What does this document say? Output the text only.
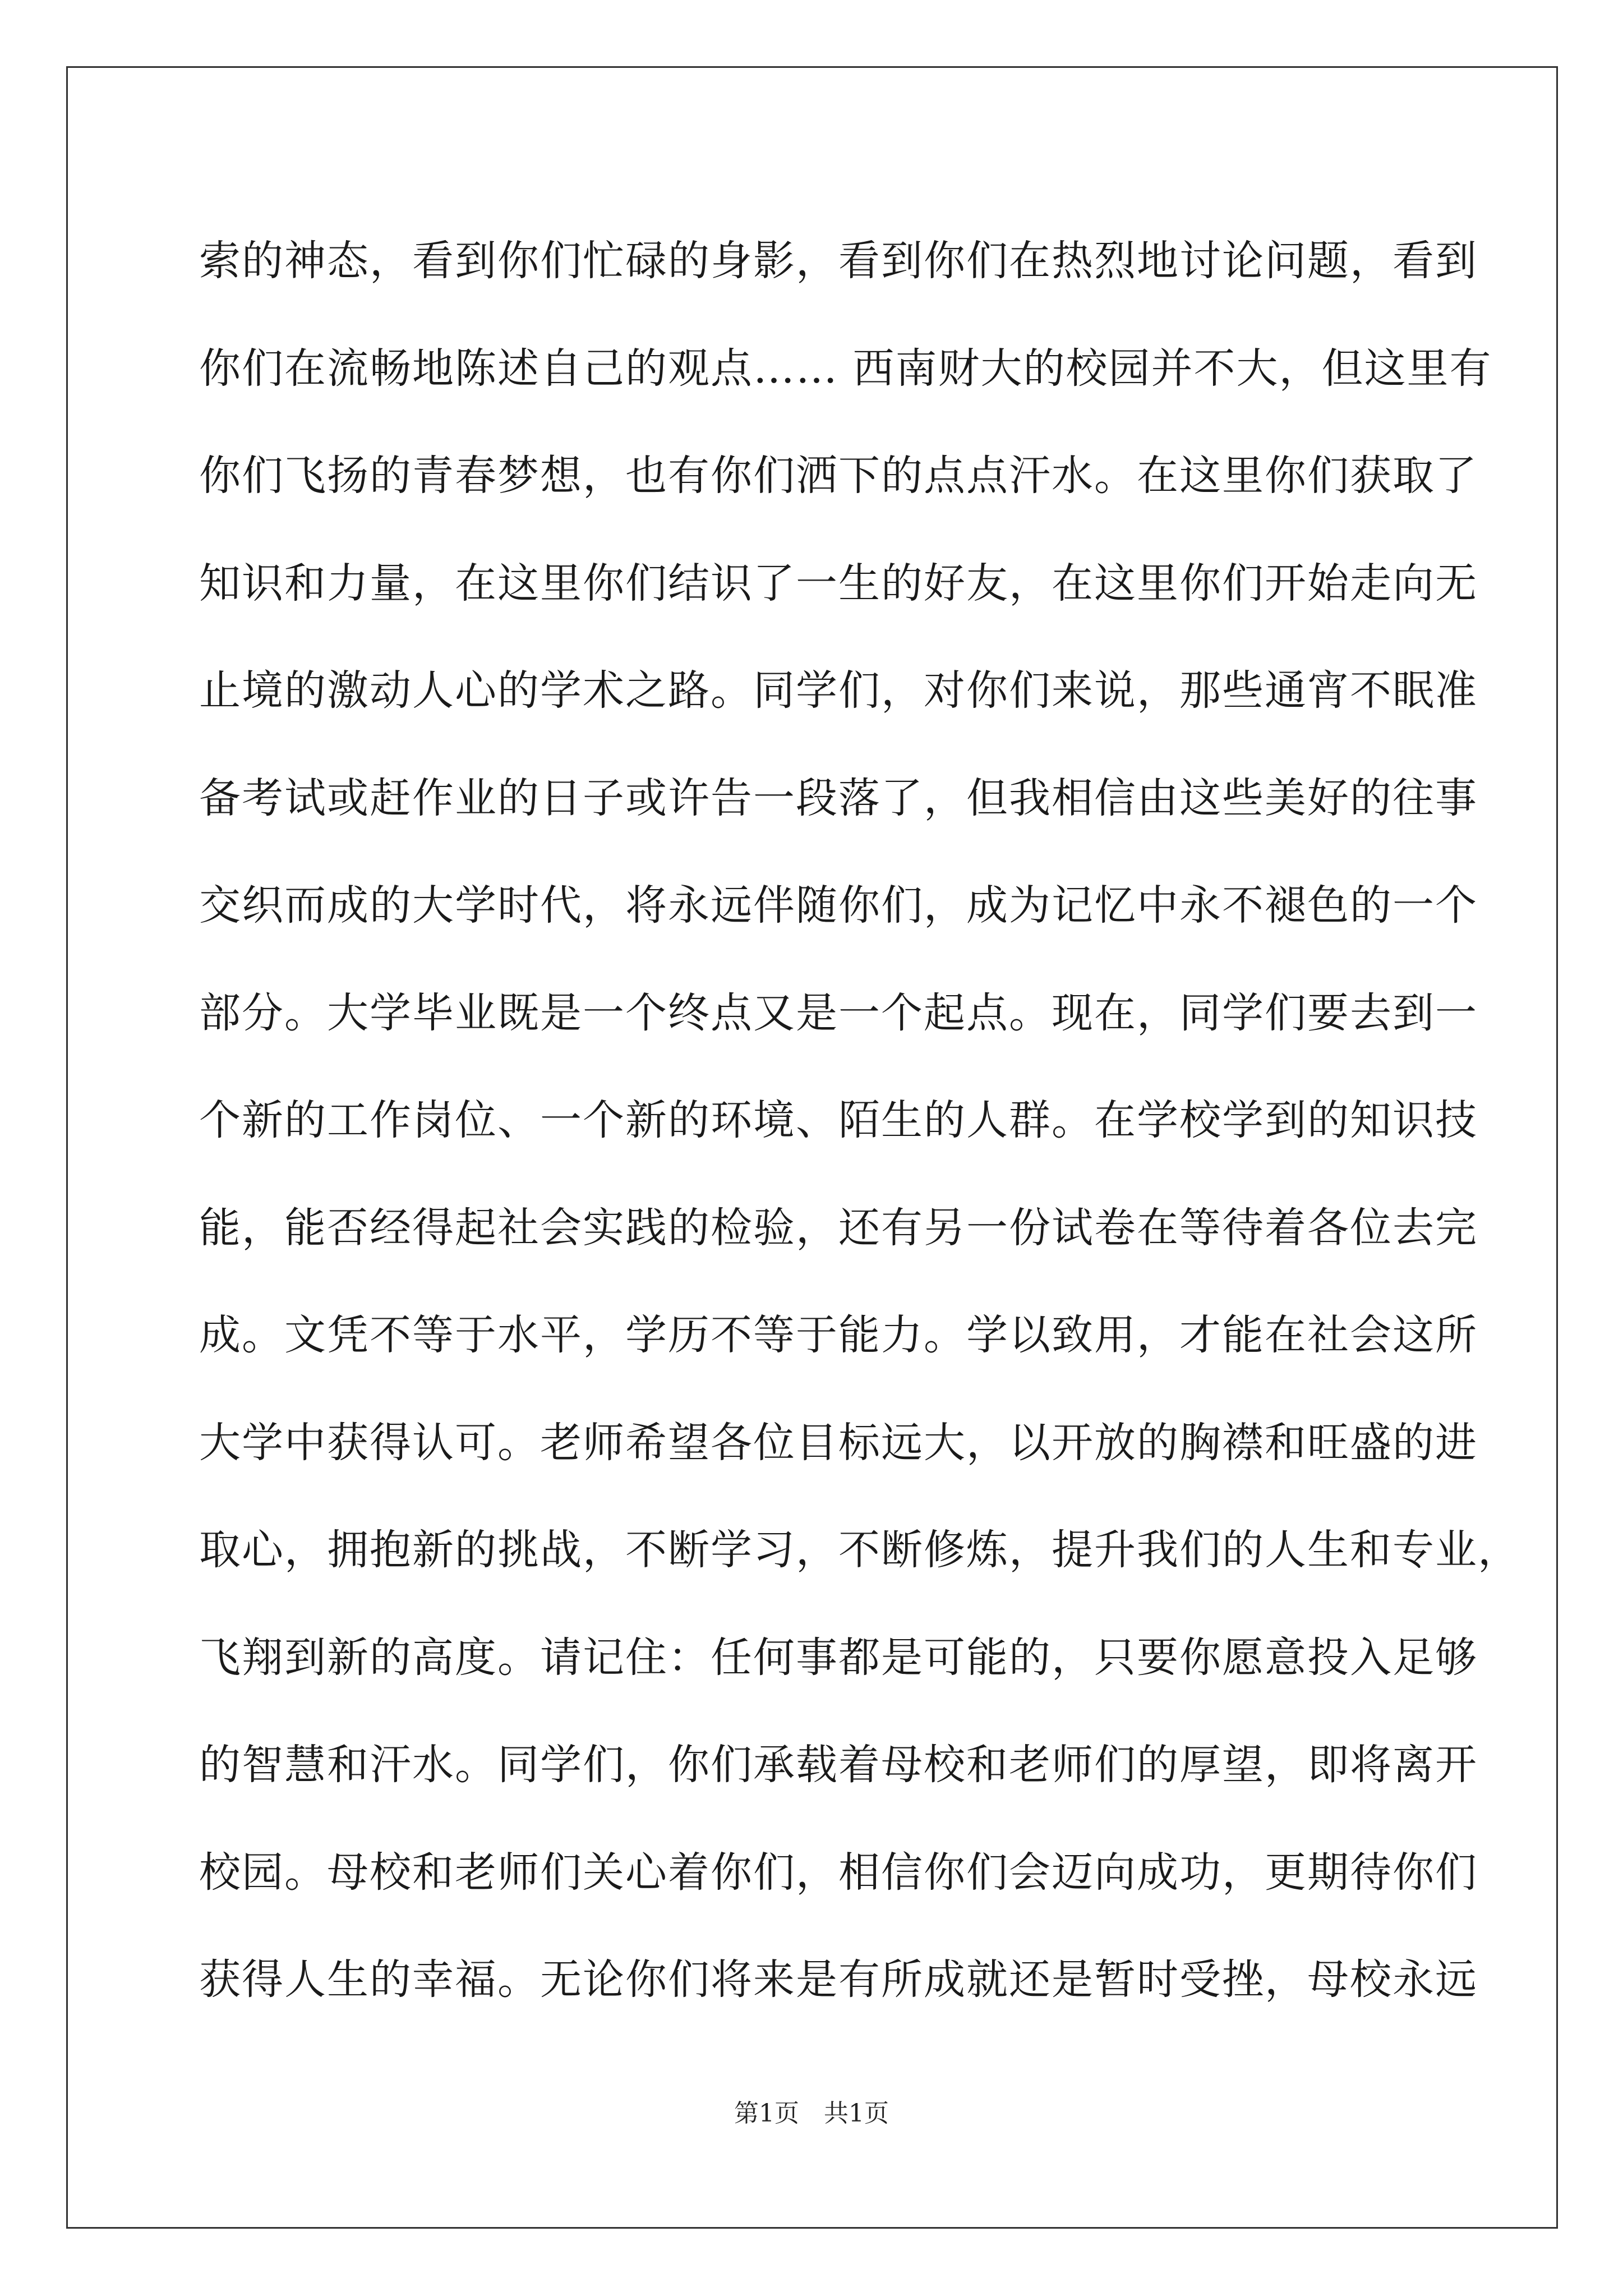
索的神态，看到你们忙碌的身影，看到你们在热烈地讨论问题，看到
你们在流畅地陈述自己的观点…… 西南财大的校园并不大，但这里有
你们飞扬的青春梦想，也有你们洒下的点点汗水。在这里你们获取了
知识和力量，在这里你们结识了一生的好友，在这里你们开始走向无
止境的激动人心的学术之路。同学们，对你们来说，那些通宵不眠准
备考试或赶作业的日子或许告一段落了，但我相信由这些美好的往事
交织而成的大学时代，将永远伴随你们，成为记忆中永不褪色的一个
部分。大学毕业既是一个终点又是一个起点。现在，同学们要去到一
个新的工作岗位、一个新的环境、陌生的人群。在学校学到的知识技
能，能否经得起社会实践的检验，还有另一份试卷在等待着各位去完
成。文凭不等于水平，学历不等于能力。学以致用，才能在社会这所
大学中获得认可。老师希望各位目标远大，以开放的胸襟和旺盛的进
取心，拥抱新的挑战，不断学习，不断修炼，提升我们的人生和专业，
飞翔到新的高度。请记住：任何事都是可能的，只要你愿意投入足够
的智慧和汗水。同学们，你们承载着母校和老师们的厚望，即将离开
校园。母校和老师们关心着你们，相信你们会迈向成功，更期待你们
获得人生的幸福。无论你们将来是有所成就还是暂时受挫，母校永远
第1页 共1页
